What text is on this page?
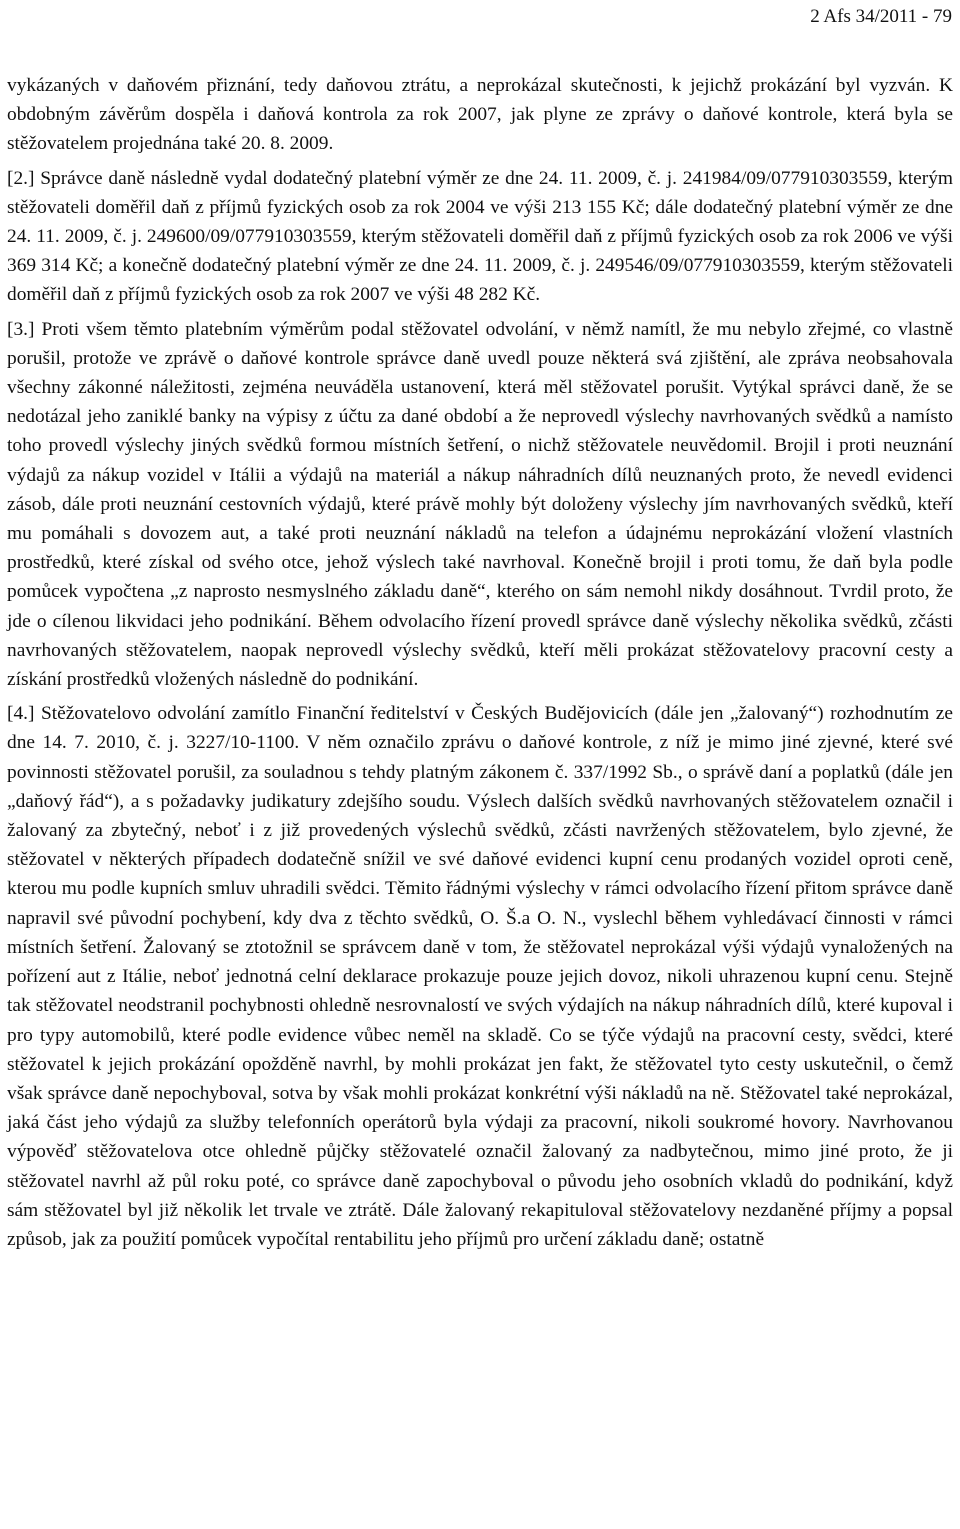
2 Afs 34/2011 - 79

vykázaných v daňovém přiznání, tedy daňovou ztrátu, a neprokázal skutečnosti, k jejichž prokázání byl vyzván. K obdobným závěrům dospěla i daňová kontrola za rok 2007, jak plyne ze zprávy o daňové kontrole, která byla se stěžovatelem projednána také 20. 8. 2009.

[2.] Správce daně následně vydal dodatečný platební výměr ze dne 24. 11. 2009, č. j. 241984/09/077910303559, kterým stěžovateli doměřil daň z příjmů fyzických osob za rok 2004 ve výši 213 155 Kč; dále dodatečný platební výměr ze dne 24. 11. 2009, č. j. 249600/09/077910303559, kterým stěžovateli doměřil daň z příjmů fyzických osob za rok 2006 ve výši 369 314 Kč; a konečně dodatečný platební výměr ze dne 24. 11. 2009, č. j. 249546/09/077910303559, kterým stěžovateli doměřil daň z příjmů fyzických osob za rok 2007 ve výši 48 282 Kč.

[3.] Proti všem těmto platebním výměrům podal stěžovatel odvolání, v němž namítl, že mu nebylo zřejmé, co vlastně porušil, protože ve zprávě o daňové kontrole správce daně uvedl pouze některá svá zjištění, ale zpráva neobsahovala všechny zákonné náležitosti, zejména neuváděla ustanovení, která měl stěžovatel porušit. Vytýkal správci daně, že se nedotázal jeho zaniklé banky na výpisy z účtu za dané období a že neprovedl výslechy navrhovaných svědků a namísto toho provedl výslechy jiných svědků formou místních šetření, o nichž stěžovatele neuvědomil. Brojil i proti neuznání výdajů za nákup vozidel v Itálii a výdajů na materiál a nákup náhradních dílů neuznaných proto, že nevedl evidenci zásob, dále proti neuznání cestovních výdajů, které právě mohly být doloženy výslechy jím navrhovaných svědků, kteří mu pomáhali s dovozem aut, a také proti neuznání nákladů na telefon a údajnému neprokázání vložení vlastních prostředků, které získal od svého otce, jehož výslech také navrhoval. Konečně brojil i proti tomu, že daň byla podle pomůcek vypočtena „z naprosto nesmyslného základu daně“, kterého on sám nemohl nikdy dosáhnout. Tvrdil proto, že jde o cílenou likvidaci jeho podnikání. Během odvolacího řízení provedl správce daně výslechy několika svědků, zčásti navrhovaných stěžovatelem, naopak neprovedl výslechy svědků, kteří měli prokázat stěžovatelovy pracovní cesty a získání prostředků vložených následně do podnikání.

[4.] Stěžovatelovo odvolání zamítlo Finanční ředitelství v Českých Budějovicích (dále jen „žalovaný“) rozhodnutím ze dne 14. 7. 2010, č. j. 3227/10-1100. V něm označilo zprávu o daňové kontrole, z níž je mimo jiné zjevné, které své povinnosti stěžovatel porušil, za souladnou s tehdy platným zákonem č. 337/1992 Sb., o správě daní a poplatků (dále jen „daňový řád“), a s požadavky judikatury zdejšího soudu. Výslech dalších svědků navrhovaných stěžovatelem označil i žalovaný za zbytečný, neboť i z již provedených výslechů svědků, zčásti navržených stěžovatelem, bylo zjevné, že stěžovatel v některých případech dodatečně snížil ve své daňové evidenci kupní cenu prodaných vozidel oproti ceně, kterou mu podle kupních smluv uhradili svědci. Těmito řádnými výslechy v rámci odvolacího řízení přitom správce daně napravil své původní pochybení, kdy dva z těchto svědků, O. Š.a O. N., vyslechl během vyhledávací činnosti v rámci místních šetření. Žalovaný se ztotožnil se správcem daně v tom, že stěžovatel neprokázal výši výdajů vynaložených na pořízení aut z Itálie, neboť jednotná celní deklarace prokazuje pouze jejich dovoz, nikoli uhrazenou kupní cenu. Stejně tak stěžovatel neodstranil pochybnosti ohledně nesrovnalostí ve svých výdajích na nákup náhradních dílů, které kupoval i pro typy automobilů, které podle evidence vůbec neměl na skladě. Co se týče výdajů na pracovní cesty, svědci, které stěžovatel k jejich prokázání opožděně navrhl, by mohli prokázat jen fakt, že stěžovatel tyto cesty uskutečnil, o čemž však správce daně nepochyboval, sotva by však mohli prokázat konkrétní výši nákladů na ně. Stěžovatel také neprokázal, jaká část jeho výdajů za služby telefonních operátorů byla výdaji za pracovní, nikoli soukromé hovory. Navrhovanou výpověď stěžovatelova otce ohledně půjčky stěžovatelé označil žalovaný za nadbytečnou, mimo jiné proto, že ji stěžovatel navrhl až půl roku poté, co správce daně zapochyboval o původu jeho osobních vkladů do podnikání, když sám stěžovatel byl již několik let trvale ve ztrátě. Dále žalovaný rekapituloval stěžovatelovy nezdaněné příjmy a popsal způsob, jak za použití pomůcek vypočítal rentabilitu jeho příjmů pro určení základu daně; ostatně
